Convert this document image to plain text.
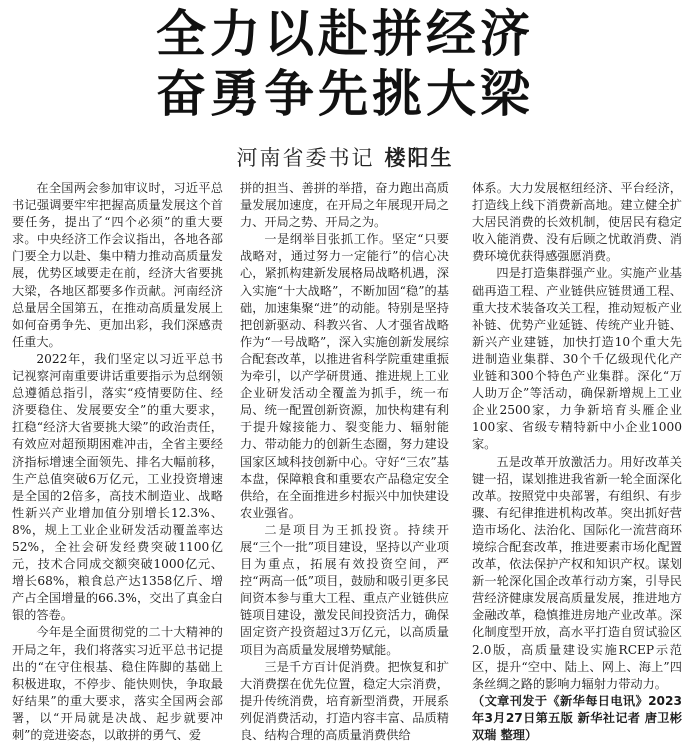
全力以赴拼经济
奋勇争先挑大梁
河南省委书记 楼阳生

在全国两会参加审议时，习近平总书记强调要牢牢把握高质量发展这个首要任务，提出了“四个必须”的重大要求。中央经济工作会议指出，各地各部门要全力以赴、集中精力推动高质量发展，优势区域要走在前，经济大省要挑大梁，各地区都要多作贡献。河南经济总量居全国第五，在推动高质量发展上如何奋勇争先、更加出彩，我们深感责任重大。

2022年，我们坚定以习近平总书记视察河南重要讲话重要指示为总纲领总遵循总指引，落实“疫情要防住、经济要稳住、发展要安全”的重大要求，扛稳“经济大省要挑大梁”的政治责任，有效应对超预期困难冲击，全省主要经济指标增速全面领先、排名大幅前移，生产总值突破6万亿元，工业投资增速是全国的2倍多，高技术制造业、战略性新兴产业增加值分别增长12.3%、8%，规上工业企业研发活动覆盖率达52%，全社会研发经费突破1100亿元，技术合同成交额突破1000亿元、增长68%，粮食总产达1358亿斤、增产占全国增量的66.3%，交出了真金白银的答卷。

今年是全面贯彻党的二十大精神的开局之年，我们将落实习近平总书记提出的“在守住根基、稳住阵脚的基础上积极进取，不停步、能快则快，争取最好结果”的重大要求，落实全国两会部署，以“开局就是决战、起步就要冲刺”的竞进姿态，以敢拼的勇气、爱

拼的担当、善拼的举措，奋力跑出高质量发展加速度，在开局之年展现开局之力、开局之势、开局之为。

一是纲举目张抓工作。坚定“只要战略对，通过努力一定能行”的信心决心，紧抓构建新发展格局战略机遇，深入实施“十大战略”，不断加固“稳”的基础，加速集聚“进”的动能。特别是坚持把创新驱动、科教兴省、人才强省战略作为“一号战略”，深入实施创新发展综合配套改革，以推进省科学院重建重振为牵引，以产学研贯通、推进规上工业企业研发活动全覆盖为抓手，统一布局、统一配置创新资源，加快构建有利于提升嫁接能力、裂变能力、辐射能力、带动能力的创新生态圈，努力建设国家区域科技创新中心。守好“三农”基本盘，保障粮食和重要农产品稳定安全供给，在全面推进乡村振兴中加快建设农业强省。

二是项目为王抓投资。持续开展“三个一批”项目建设，坚持以产业项目为重点，拓展有效投资空间，严控“两高一低”项目，鼓励和吸引更多民间资本参与重大工程、重点产业链供应链项目建设，激发民间投资活力，确保固定资产投资超过3万亿元，以高质量项目为高质量发展增势赋能。

三是千方百计促消费。把恢复和扩大消费摆在优先位置，稳定大宗消费，提升传统消费，培育新型消费，开展系列促消费活动，打造内容丰富、品质精良、结构合理的高质量消费供给

体系。大力发展枢纽经济、平台经济，打造线上线下消费新高地。建立健全扩大居民消费的长效机制，使居民有稳定收入能消费、没有后顾之忧敢消费、消费环境优获得感强愿消费。

四是打造集群强产业。实施产业基础再造工程、产业链供应链贯通工程、重大技术装备攻关工程，推动短板产业补链、优势产业延链、传统产业升链、新兴产业建链，加快打造10个重大先进制造业集群、30个千亿级现代化产业链和300个特色产业集群。深化“万人助万企”等活动，确保新增规上工业企业2500家，力争新培育头雁企业100家、省级专精特新中小企业1000家。

五是改革开放激活力。用好改革关键一招，谋划推进我省新一轮全面深化改革。按照党中央部署，有组织、有步骤、有纪律推进机构改革。突出抓好营造市场化、法治化、国际化一流营商环境综合配套改革，推进要素市场化配置改革，依法保护产权和知识产权。谋划新一轮深化国企改革行动方案，引导民营经济健康发展高质量发展，推进地方金融改革，稳慎推进房地产业改革。深化制度型开放，高水平打造自贸试验区2.0版，高质量建设实施RCEP示范区，提升“空中、陆上、网上、海上”四条丝绸之路的影响力辐射力带动力。

（文章刊发于《新华每日电讯》2023年3月27日第五版 新华社记者 唐卫彬 双瑞 整理）
